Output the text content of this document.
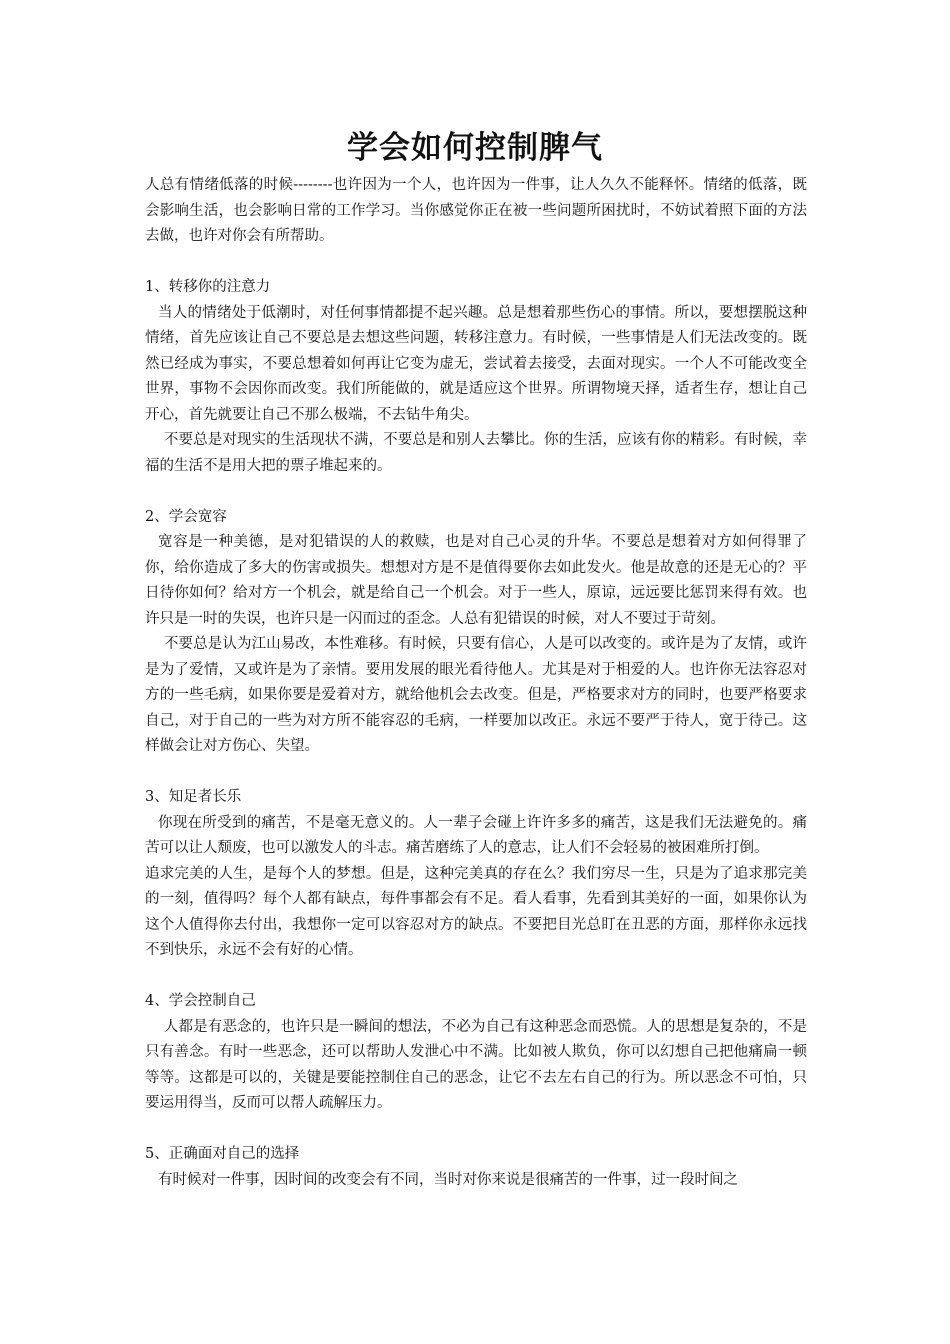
学会如何控制脾气

人总有情绪低落的时候--------也许因为一个人，也许因为一件事，让人久久不能释怀。情绪的低落，既会影响生活，也会影响日常的工作学习。当你感觉你正在被一些问题所困扰时，不妨试着照下面的方法去做，也许对你会有所帮助。

1、转移你的注意力

当人的情绪处于低潮时，对任何事情都提不起兴趣。总是想着那些伤心的事情。所以，要想摆脱这种情绪，首先应该让自己不要总是去想这些问题，转移注意力。有时候，一些事情是人们无法改变的。既然已经成为事实，不要总想着如何再让它变为虚无，尝试着去接受，去面对现实。一个人不可能改变全世界，事物不会因你而改变。我们所能做的，就是适应这个世界。所谓物境天择，适者生存，想让自己开心，首先就要让自己不那么极端，不去钻牛角尖。

不要总是对现实的生活现状不满，不要总是和别人去攀比。你的生活，应该有你的精彩。有时候，幸福的生活不是用大把的票子堆起来的。

2、学会宽容

宽容是一种美德，是对犯错误的人的救赎，也是对自己心灵的升华。不要总是想着对方如何得罪了你，给你造成了多大的伤害或损失。想想对方是不是值得要你去如此发火。他是故意的还是无心的？平日待你如何？给对方一个机会，就是给自己一个机会。对于一些人，原谅，远远要比惩罚来得有效。也许只是一时的失误，也许只是一闪而过的歪念。人总有犯错误的时候，对人不要过于苛刻。

不要总是认为江山易改，本性难移。有时候，只要有信心，人是可以改变的。或许是为了友情，或许是为了爱情，又或许是为了亲情。要用发展的眼光看待他人。尤其是对于相爱的人。也许你无法容忍对方的一些毛病，如果你要是爱着对方，就给他机会去改变。但是，严格要求对方的同时，也要严格要求自己，对于自己的一些为对方所不能容忍的毛病，一样要加以改正。永远不要严于待人，宽于待己。这样做会让对方伤心、失望。

3、知足者长乐

你现在所受到的痛苦，不是毫无意义的。人一辈子会碰上许许多多的痛苦，这是我们无法避免的。痛苦可以让人颓废，也可以激发人的斗志。痛苦磨练了人的意志，让人们不会轻易的被困难所打倒。

追求完美的人生，是每个人的梦想。但是，这种完美真的存在么？我们穷尽一生，只是为了追求那完美的一刻，值得吗？每个人都有缺点，每件事都会有不足。看人看事，先看到其美好的一面，如果你认为这个人值得你去付出，我想你一定可以容忍对方的缺点。不要把目光总盯在丑恶的方面，那样你永远找不到快乐，永远不会有好的心情。

4、学会控制自己

人都是有恶念的，也许只是一瞬间的想法，不必为自己有这种恶念而恐慌。人的思想是复杂的，不是只有善念。有时一些恶念，还可以帮助人发泄心中不满。比如被人欺负，你可以幻想自己把他痛扁一顿等等。这都是可以的，关键是要能控制住自己的恶念，让它不去左右自己的行为。所以恶念不可怕，只要运用得当，反而可以帮人疏解压力。

5、正确面对自己的选择

有时候对一件事，因时间的改变会有不同，当时对你来说是很痛苦的一件事，过一段时间之
